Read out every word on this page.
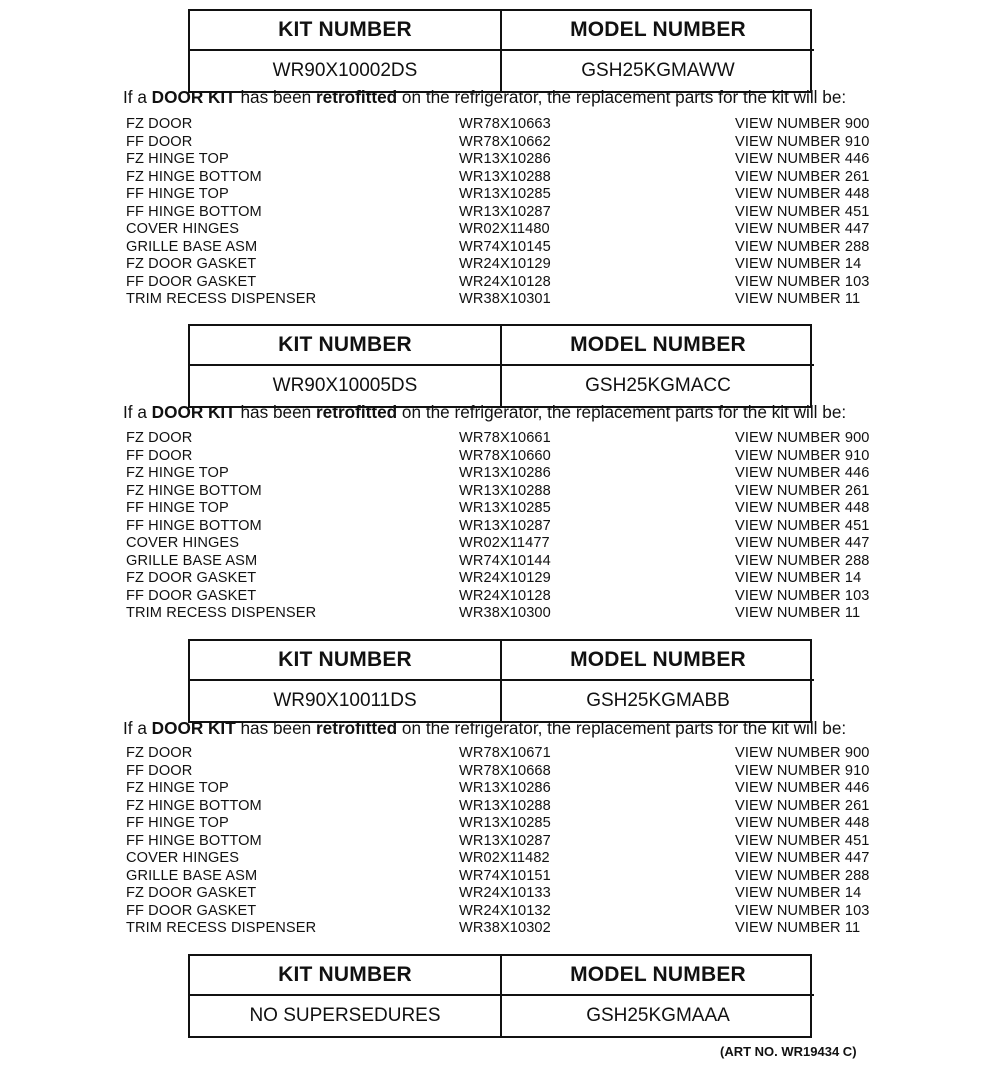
KIT NUMBER	MODEL NUMBER
WR90X10002DS	GSH25KGMAWW
If a DOOR KIT has been retrofitted on the refrigerator, the replacement parts for the kit will be:
FZ DOOR	WR78X10663	VIEW NUMBER 900
FF DOOR	WR78X10662	VIEW NUMBER 910
FZ HINGE TOP	WR13X10286	VIEW NUMBER 446
FZ HINGE BOTTOM	WR13X10288	VIEW NUMBER 261
FF HINGE TOP	WR13X10285	VIEW NUMBER 448
FF HINGE BOTTOM	WR13X10287	VIEW NUMBER 451
COVER HINGES	WR02X11480	VIEW NUMBER 447
GRILLE BASE ASM	WR74X10145	VIEW NUMBER 288
FZ DOOR GASKET	WR24X10129	VIEW NUMBER 14
FF DOOR GASKET	WR24X10128	VIEW NUMBER 103
TRIM RECESS DISPENSER	WR38X10301	VIEW NUMBER 11
KIT NUMBER	MODEL NUMBER
WR90X10005DS	GSH25KGMACC
If a DOOR KIT has been retrofitted on the refrigerator, the replacement parts for the kit will be:
FZ DOOR	WR78X10661	VIEW NUMBER 900
FF DOOR	WR78X10660	VIEW NUMBER 910
FZ HINGE TOP	WR13X10286	VIEW NUMBER 446
FZ HINGE BOTTOM	WR13X10288	VIEW NUMBER 261
FF HINGE TOP	WR13X10285	VIEW NUMBER 448
FF HINGE BOTTOM	WR13X10287	VIEW NUMBER 451
COVER HINGES	WR02X11477	VIEW NUMBER 447
GRILLE BASE ASM	WR74X10144	VIEW NUMBER 288
FZ DOOR GASKET	WR24X10129	VIEW NUMBER 14
FF DOOR GASKET	WR24X10128	VIEW NUMBER 103
TRIM RECESS DISPENSER	WR38X10300	VIEW NUMBER 11
KIT NUMBER	MODEL NUMBER
WR90X10011DS	GSH25KGMABB
If a DOOR KIT has been retrofitted on the refrigerator, the replacement parts for the kit will be:
FZ DOOR	WR78X10671	VIEW NUMBER 900
FF DOOR	WR78X10668	VIEW NUMBER 910
FZ HINGE TOP	WR13X10286	VIEW NUMBER 446
FZ HINGE BOTTOM	WR13X10288	VIEW NUMBER 261
FF HINGE TOP	WR13X10285	VIEW NUMBER 448
FF HINGE BOTTOM	WR13X10287	VIEW NUMBER 451
COVER HINGES	WR02X11482	VIEW NUMBER 447
GRILLE BASE ASM	WR74X10151	VIEW NUMBER 288
FZ DOOR GASKET	WR24X10133	VIEW NUMBER 14
FF DOOR GASKET	WR24X10132	VIEW NUMBER 103
TRIM RECESS DISPENSER	WR38X10302	VIEW NUMBER 11
KIT NUMBER	MODEL NUMBER
NO SUPERSEDURES	GSH25KGMAAA
(ART NO. WR19434 C)
